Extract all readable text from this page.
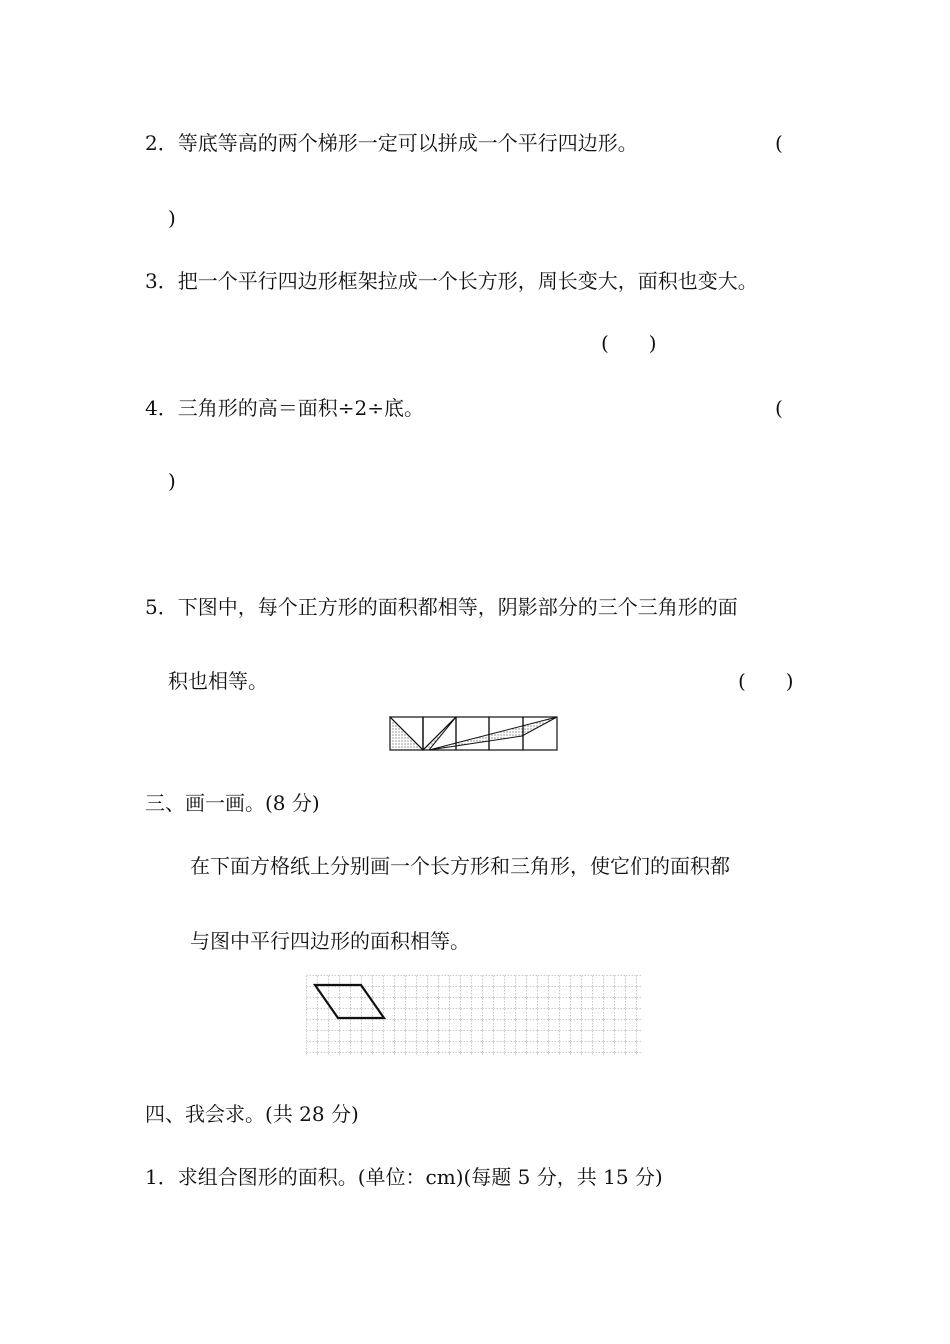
2．等底等高的两个梯形一定可以拼成一个平行四边形。	(
)
3．把一个平行四边形框架拉成一个长方形，周长变大，面积也变大。
(　　)
4．三角形的高＝面积÷2÷底。	(
)
5．下图中，每个正方形的面积都相等，阴影部分的三个三角形的面
积也相等。	(　　)
三、画一画。(8 分)
在下面方格纸上分别画一个长方形和三角形，使它们的面积都
与图中平行四边形的面积相等。
四、我会求。(共 28 分)
1．求组合图形的面积。(单位：cm)(每题 5 分，共 15 分)
